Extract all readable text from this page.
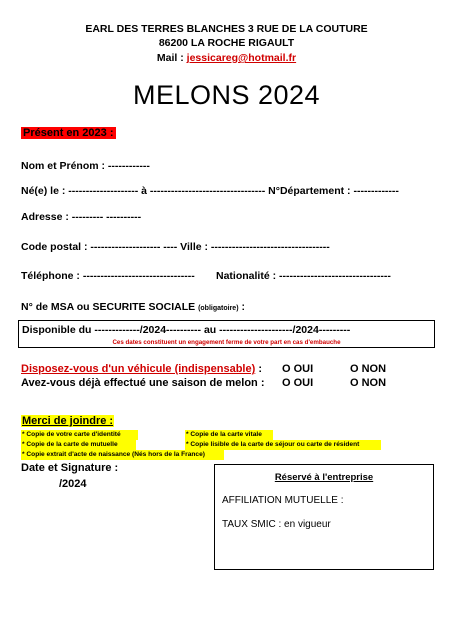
EARL DES TERRES BLANCHES 3 RUE DE LA COUTURE
86200 LA ROCHE RIGAULT
Mail : jessicareg@hotmail.fr
MELONS 2024
Présent en 2023 :
Nom et Prénom : ------------
Né(e) le : -------------------- à --------------------------------- N°Département : -------------
Adresse : --------- ----------
Code postal : -------------------- ---- Ville : ----------------------------------
Téléphone : -------------------------------- Nationalité : --------------------------------
N° de MSA ou SECURITE SOCIALE (obligatoire) :
Disponible du -------------/2024---------- au ---------------------/2024---------
Ces dates constituent un engagement ferme de votre part en cas d'embauche
Disposez-vous d'un véhicule (indispensable) : O OUI	O NON
Avez-vous déjà effectué une saison de melon : O OUI	O NON
Merci de joindre :
* Copie de votre carte d'identité	* Copie de la carte vitale
* Copie de la carte de mutuelle	* Copie lisible de la carte de séjour ou carte de résident
* Copie extrait d'acte de naissance (Nés hors de la France)
Date et Signature :
/2024
Réservé à l'entreprise
AFFILIATION MUTUELLE :
TAUX SMIC : en vigueur
